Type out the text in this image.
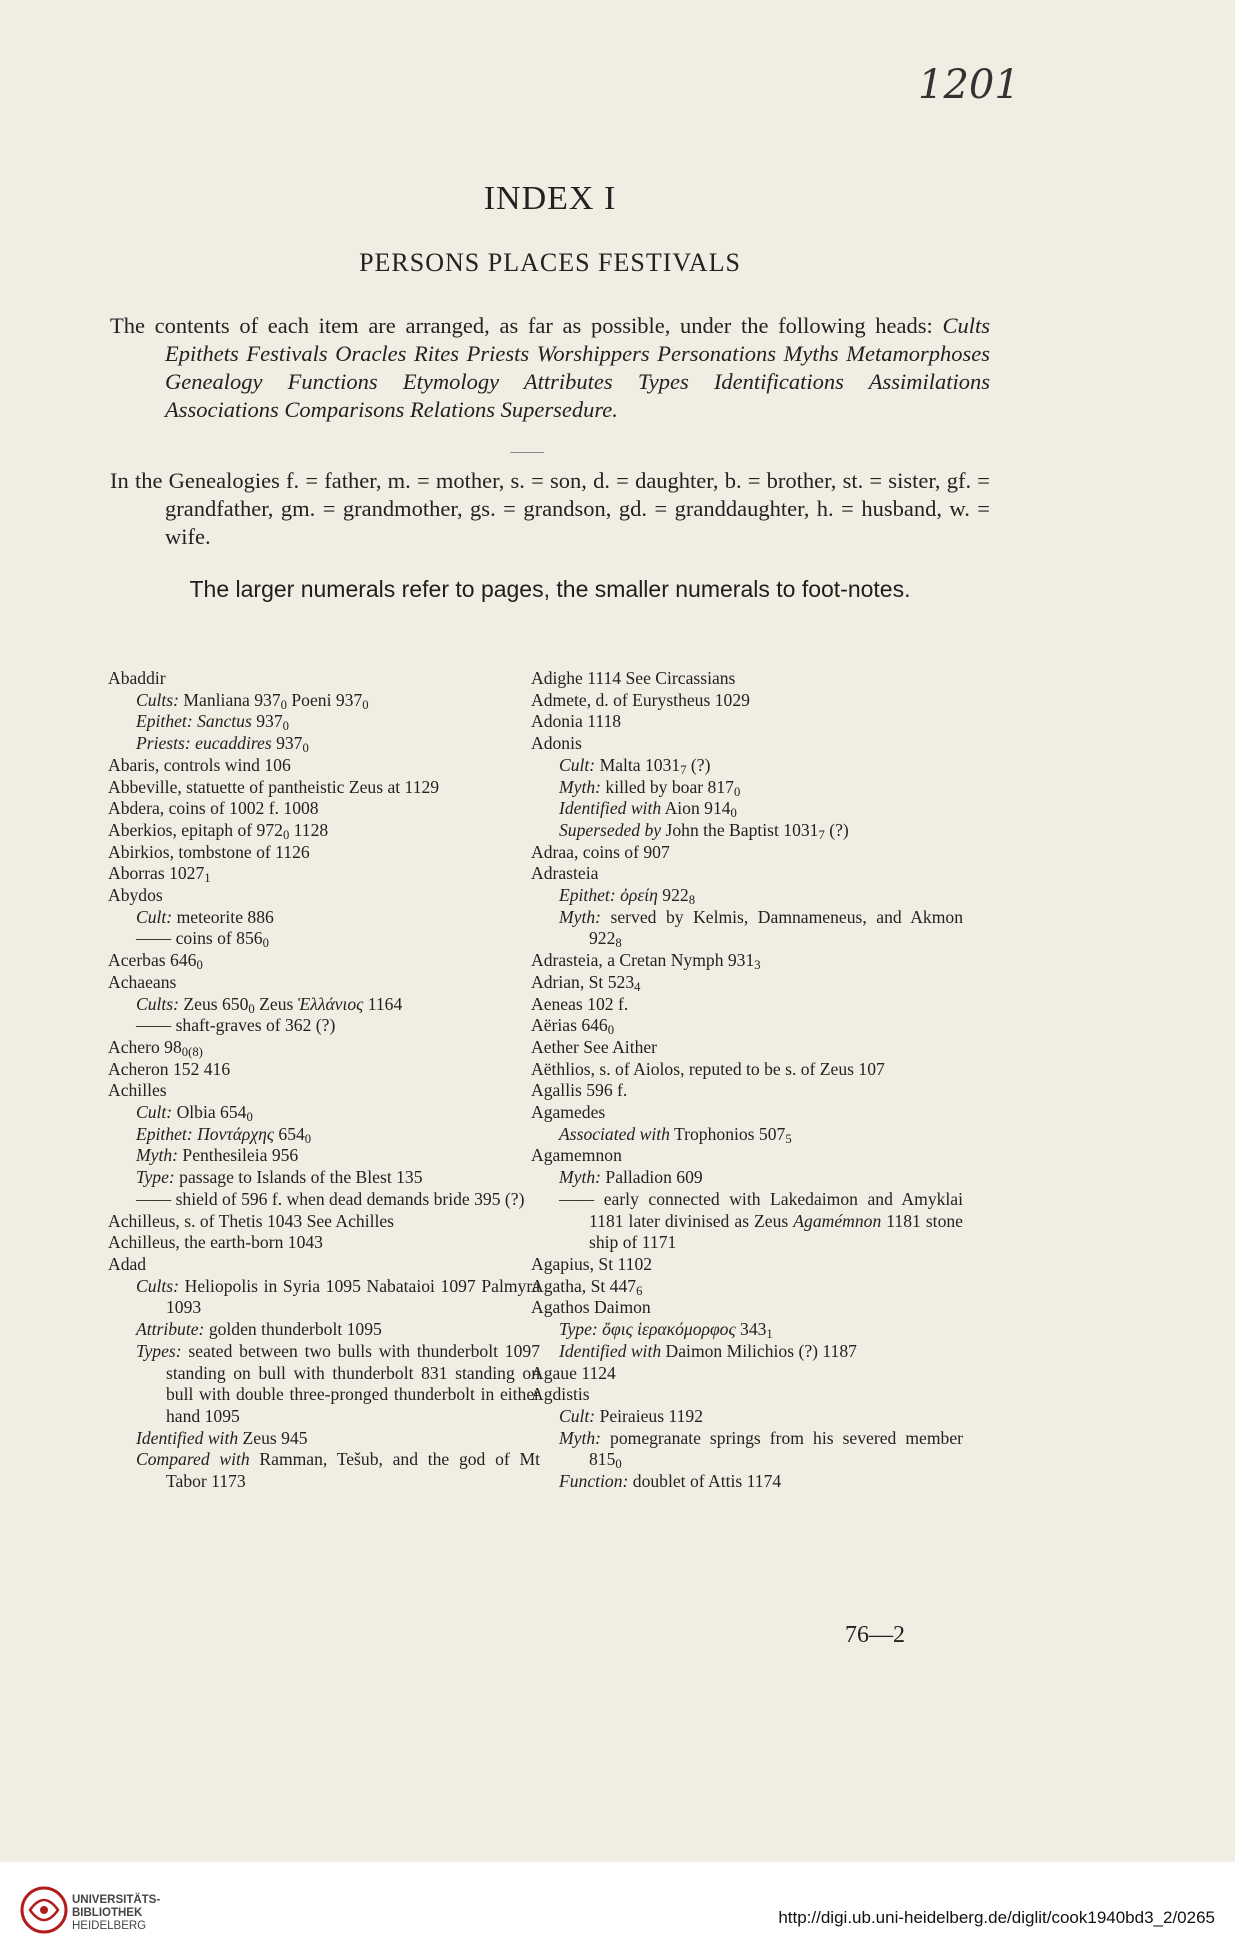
1201
INDEX I
PERSONS PLACES FESTIVALS

The contents of each item are arranged, as far as possible, under the following heads: Cults Epithets Festivals Oracles Rites Priests Worshippers Personations Myths Metamorphoses Genealogy Functions Etymology Attributes Types Identifications Assimilations Associations Comparisons Relations Supersedure.

In the Genealogies f. = father, m. = mother, s. = son, d. = daughter, b. = brother, st. = sister, gf. = grandfather, gm. = grandmother, gs. = grandson, gd. = granddaughter, h. = husband, w. = wife.

The larger numerals refer to pages, the smaller numerals to foot-notes.

Abaddir

Cults: Manliana $937_0$ Poeni $937_0$

Epithet: Sanctus $937_0$

Priests: eucaddires $937_0$

Abaris, controls wind 106

Abbeville, statuette of pantheistic Zeus at 1129

Abdera, coins of 1002 f. 1008

Aberkios, epitaph of $972_0$ 1128

Abirkios, tombstone of 1126

Aborras $1027_1$

Abydos

Cult: meteorite 886

—— coins of $856_0$

Acerbas $646_0$

Achaeans

Cults: Zeus $650_0$ Zeus Ἑλλάνιος 1164

—— shaft-graves of 362 (?)

Achero $98_{0(8)}$

Acheron 152 416

Achilles

Cult: Olbia $654_0$

Epithet: Ποντάρχης $654_0$

Myth: Penthesileia 956

Type: passage to Islands of the Blest 135

—— shield of 596 f. when dead demands bride 395 (?)

Achilleus, s. of Thetis 1043 See Achilles

Achilleus, the earth-born 1043

Adad

Cults: Heliopolis in Syria 1095 Nabataioi 1097 Palmyra 1093

Attribute: golden thunderbolt 1095

Types: seated between two bulls with thunderbolt 1097 standing on bull with thunderbolt 831 standing on bull with double three-pronged thunderbolt in either hand 1095

Identified with Zeus 945

Compared with Ramman, Tešub, and the god of Mt Tabor 1173

Adighe 1114 See Circassians

Admete, d. of Eurystheus 1029

Adonia 1118

Adonis

Cult: Malta $1031_7$ (?)

Myth: killed by boar $817_0$

Identified with Aion $914_0$

Superseded by John the Baptist $1031_7$ (?)

Adraa, coins of 907

Adrasteia

Epithet: ὀρείη $922_8$

Myth: served by Kelmis, Damnameneus, and Akmon $922_8$

Adrasteia, a Cretan Nymph $931_3$

Adrian, St $523_4$

Aeneas 102 f.

Aërias $646_0$

Aether See Aither

Aëthlios, s. of Aiolos, reputed to be s. of Zeus 107

Agallis 596 f.

Agamedes

Associated with Trophonios $507_5$

Agamemnon

Myth: Palladion 609

—— early connected with Lakedaimon and Amyklai 1181 later divinised as Zeus Agamémnon 1181 stone ship of 1171

Agapius, St 1102

Agatha, St $447_6$

Agathos Daimon

Type: ὄφις ἱερακόμορφος $343_1$

Identified with Daimon Milichios (?) 1187

Agaue 1124

Agdistis

Cult: Peiraieus 1192

Myth: pomegranate springs from his severed member $815_0$

Function: doublet of Attis 1174

76—2
UNIVERSITÄTS-
BIBLIOTHEK
HEIDELBERG	http://digi.ub.uni-heidelberg.de/diglit/cook1940bd3_2/0265
